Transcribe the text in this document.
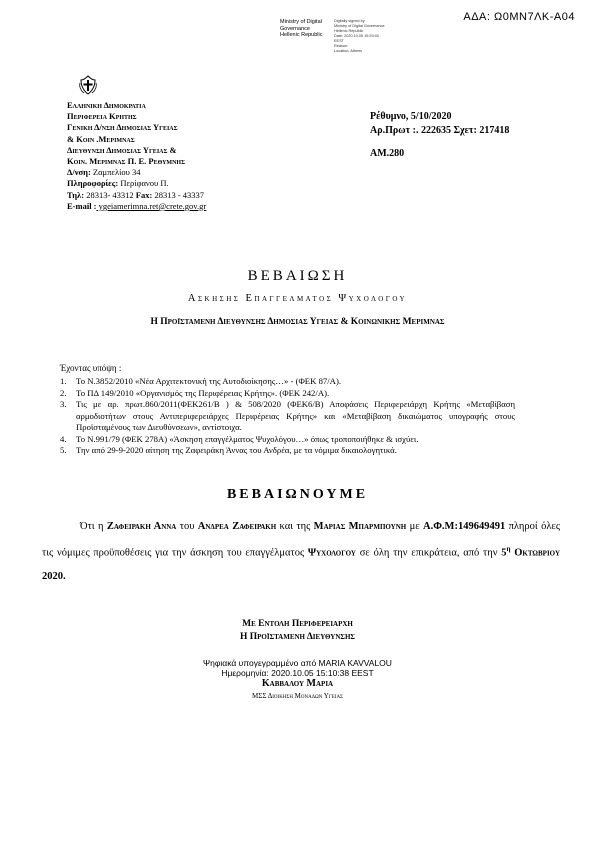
ΑΔΑ: Ω0ΜΝ7ΛΚ-Α04
Ministry of Digital
Governance
Hellenic Republic
Digitally signed by
Ministry of Digital Governance
Hellenic Republic
Date: 2020.10.05 15:53:00
EEST
Reason:
Location: Athens
Ελληνικη Δημοκρατια
Περιφερεια Κρητης
Γενικη Δ/νση Δημοσιας Υγειας
& Κοιν .Μεριμνας
Διευθυνση Δημοσιας Υγειας &
Κοιν. Μεριμνας Π. Ε. Ρεθυμνης
Δ/νση: Ζαμπελίου 34
Πληροφορίες: Περίφανου Π.
Τηλ: 28313- 43312 Fax: 28313 - 43337
E-mail : ygeiamerimna.ret@crete.gov.gr
Ρέθυμνο, 5/10/2020
Αρ.Πρωτ :. 222635 Σχετ: 217418
ΑΜ.280
ΒΕΒΑΙΩΣΗ
Ασκησης Επαγγελματος Ψυχολογου
Η Προϊσταμενη Διευθυνσης Δημοσιας Υγειας & Κοινωνικης Μεριμνας
Έχοντας υπόψη :
1. Το Ν.3852/2010 «Νέα Αρχιτεκτονική της Αυτοδιοίκησης…» - (ΦΕΚ 87/Α).
2. Το ΠΔ 149/2010 «Οργανισμός της Περιφέρειας Κρήτης». (ΦΕΚ 242/Α).
3. Τις με αρ. πρωτ.860/2011(ΦΕΚ261/Β ) & 508/2020 (ΦΕΚ6/Β) Αποφάσεις Περιφερειάρχη Κρήτης «Μεταβίβαση αρμοδιοτήτων στους Αντιπεριφερειάρχες Περιφέρειας Κρήτης» και «Μεταβίβαση δικαιώματος υπογραφής στους Προϊσταμένους των Διευθύνσεων», αντίστοιχα.
4. Το Ν.991/79 (ΦΕΚ 278Α) «Άσκηση επαγγέλματος Ψυχολόγου…» όπως τροποποιήθηκε & ισχύει.
5. Την από 29-9-2020 αίτηση της Ζαφειράκη Άννας του Ανδρέα, με τα νόμιμα δικαιολογητικά.
ΒΕΒΑΙΩΝΟΥΜΕ
Ότι η Ζαφειρακη Αννα του Ανδρεα Ζαφειρακη και της Μαριας Μπαρμπουνη με Α.Φ.Μ:149649491 πληροί όλες τις νόμιμες προϋποθέσεις για την άσκηση του επαγγέλματος Ψυχολογου σε όλη την επικράτεια, από την $5^\eta$ Οκτωβριου 2020.
Με Εντολη Περιφερειαρχη
Η Προϊσταμενη Διευθυνσης
Ψηφιακά υπογεγραμμένο από MARIA KAVVALOU
Ημερομηνία: 2020.10.05 15:10:38 EEST
Καββαλου Μαρια
ΜΣΣ Διοικηση Μοναδων Υγειας
